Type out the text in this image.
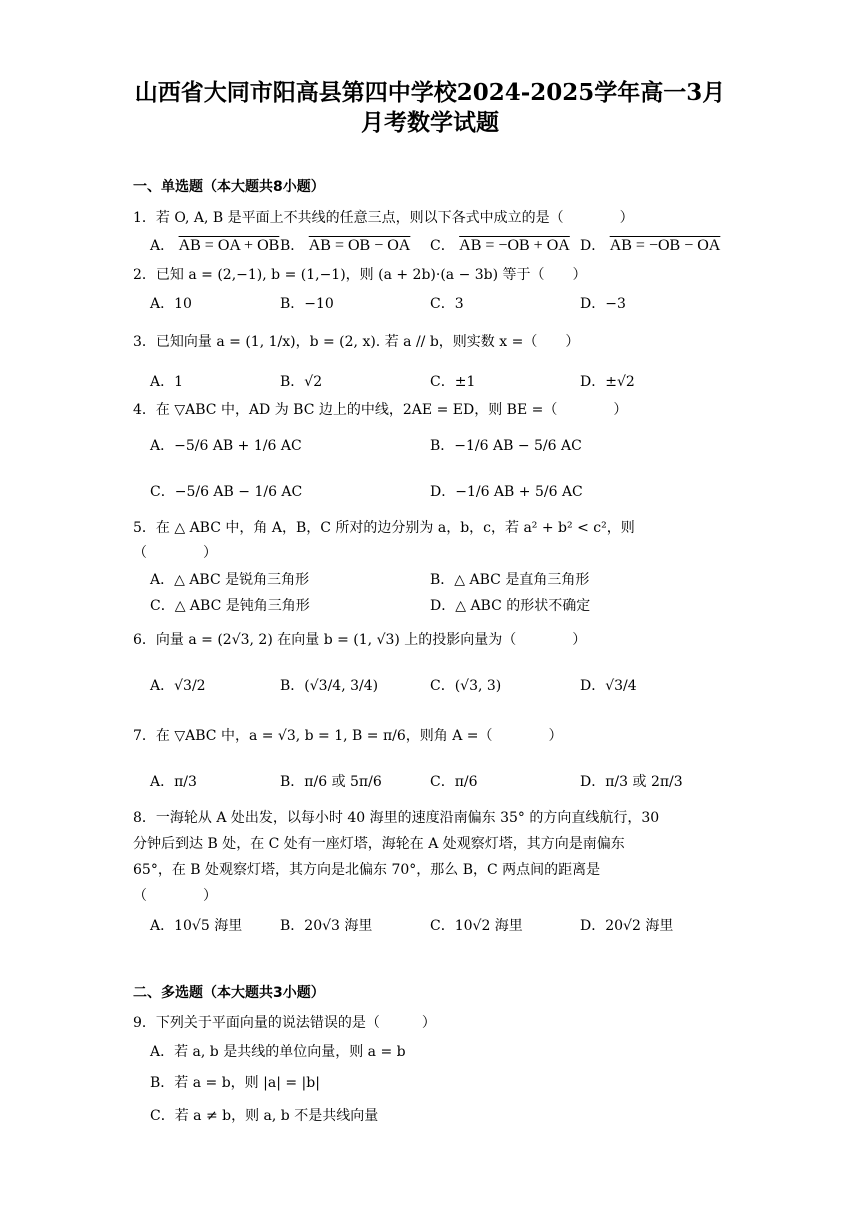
山西省大同市阳高县第四中学校2024-2025学年高一3月
月考数学试题
一、单选题（本大题共8小题）
1．若 O, A, B 是平面上不共线的任意三点，则以下各式中成立的是（　　　　）
A． AB = OA + OB B． AB = OB − OA C． AB = −OB + OA D． AB = −OB − OA
2．已知 a = (2,−1), b = (1,−1)，则 (a + 2b)·(a − 3b) 等于（　　）
A．10	B．−10	C．3	D．−3
3．已知向量 a = (1, 1/x)，b = (2, x). 若 a // b，则实数 x =（　　）
A．1	B．√2	C．±1	D．±√2
4．在 ▽ABC 中，AD 为 BC 边上的中线，2AE = ED，则 BE =（　　　　）
A．−5/6 AB + 1/6 AC	B．−1/6 AB − 5/6 AC
C．−5/6 AB − 1/6 AC	D．−1/6 AB + 5/6 AC
5．在 △ ABC 中，角 A，B，C 所对的边分别为 a，b，c，若 a² + b² < c²，则
（　　　　）
A．△ ABC 是锐角三角形	B．△ ABC 是直角三角形
C．△ ABC 是钝角三角形	D．△ ABC 的形状不确定
6．向量 a = (2√3, 2) 在向量 b = (1, √3) 上的投影向量为（　　　　）
A．√3/2	B．(√3/4, 3/4)	C．(√3, 3)	D．√3/4
7．在 ▽ABC 中，a = √3, b = 1, B = π/6，则角 A =（　　　　）
A．π/3	B．π/6 或 5π/6	C．π/6	D．π/3 或 2π/3
8．一海轮从 A 处出发，以每小时 40 海里的速度沿南偏东 35° 的方向直线航行，30
分钟后到达 B 处，在 C 处有一座灯塔，海轮在 A 处观察灯塔，其方向是南偏东
65°，在 B 处观察灯塔，其方向是北偏东 70°，那么 B，C 两点间的距离是
（　　　　）
A．10√5 海里	B．20√3 海里	C．10√2 海里	D．20√2 海里
二、多选题（本大题共3小题）
9．下列关于平面向量的说法错误的是（　　　）
A．若 a, b 是共线的单位向量，则 a = b
B．若 a = b，则 |a| = |b|
C．若 a ≠ b，则 a, b 不是共线向量
